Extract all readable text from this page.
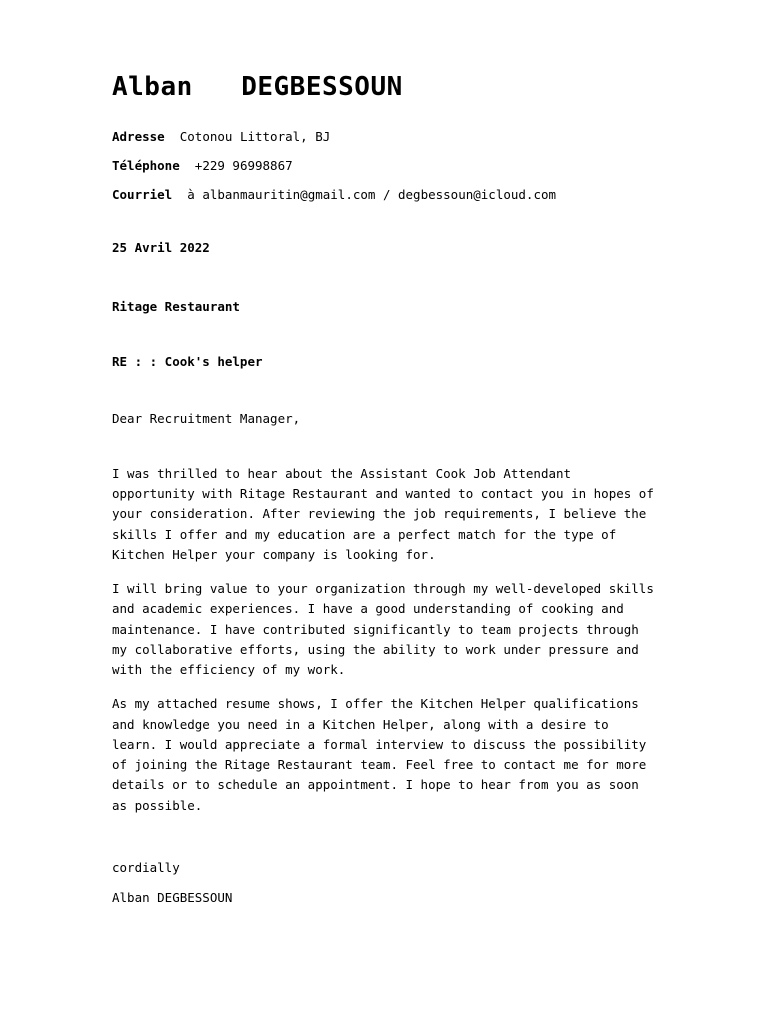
Alban   DEGBESSOUN
Adresse Cotonou Littoral, BJ
Téléphone +229 96998867
Courriel à albanmauritin@gmail.com / degbessoun@icloud.com
25 Avril 2022
Ritage Restaurant
RE : : Cook's helper
Dear Recruitment Manager,

I was thrilled to hear about the Assistant Cook Job Attendant opportunity with Ritage Restaurant and wanted to contact you in hopes of your consideration. After reviewing the job requirements, I believe the skills I offer and my education are a perfect match for the type of Kitchen Helper your company is looking for.

I will bring value to your organization through my well-developed skills and academic experiences. I have a good understanding of cooking and maintenance. I have contributed significantly to team projects through my collaborative efforts, using the ability to work under pressure and with the efficiency of my work.

As my attached resume shows, I offer the Kitchen Helper qualifications and knowledge you need in a Kitchen Helper, along with a desire to learn. I would appreciate a formal interview to discuss the possibility of joining the Ritage Restaurant team. Feel free to contact me for more details or to schedule an appointment. I hope to hear from you as soon as possible.

cordially

Alban DEGBESSOUN
